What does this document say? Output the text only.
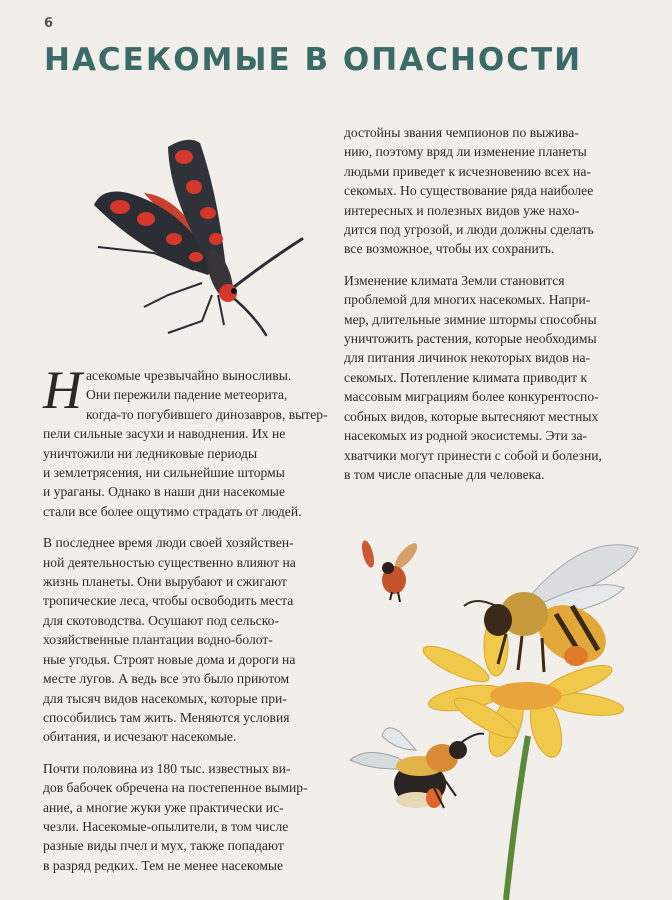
6
НАСЕКОМЫЕ В ОПАСНОСТИ

достойны звания чемпионов по выжива-
нию, поэтому вряд ли изменение планеты
людьми приведет к исчезновению всех на-
секомых. Но существование ряда наиболее
интересных и полезных видов уже нахо-
дится под угрозой, и люди должны сделать
все возможное, чтобы их сохранить.

Изменение климата Земли становится
проблемой для многих насекомых. Напри-
мер, длительные зимние штормы способны
уничтожить растения, которые необходимы
для питания личинок некоторых видов на-
секомых. Потепление климата приводит к
массовым миграциям более конкурентоспо-
собных видов, которые вытесняют местных
насекомых из родной экосистемы. Эти за-
хватчики могут принести с собой и болезни,
в том числе опасные для человека.

Н асекомые чрезвычайно выносливы.
Они пережили падение метеорита,
когда-то погубившего динозавров, вытер-
пели сильные засухи и наводнения. Их не
уничтожили ни ледниковые периоды
и землетрясения, ни сильнейшие штормы
и ураганы. Однако в наши дни насекомые
стали все более ощутимо страдать от людей.

В последнее время люди своей хозяйствен-
ной деятельностью существенно влияют на
жизнь планеты. Они вырубают и сжигают
тропические леса, чтобы освободить места
для скотоводства. Осушают под сельско-
хозяйственные плантации водно-болот-
ные угодья. Строят новые дома и дороги на
месте лугов. А ведь все это было приютом
для тысяч видов насекомых, которые при-
способились там жить. Меняются условия
обитания, и исчезают насекомые.

Почти половина из 180 тыс. известных ви-
дов бабочек обречена на постепенное вымир-
ание, а многие жуки уже практически ис-
чезли. Насекомые-опылители, в том числе
разные виды пчел и мух, также попадают
в разряд редких. Тем не менее насекомые
